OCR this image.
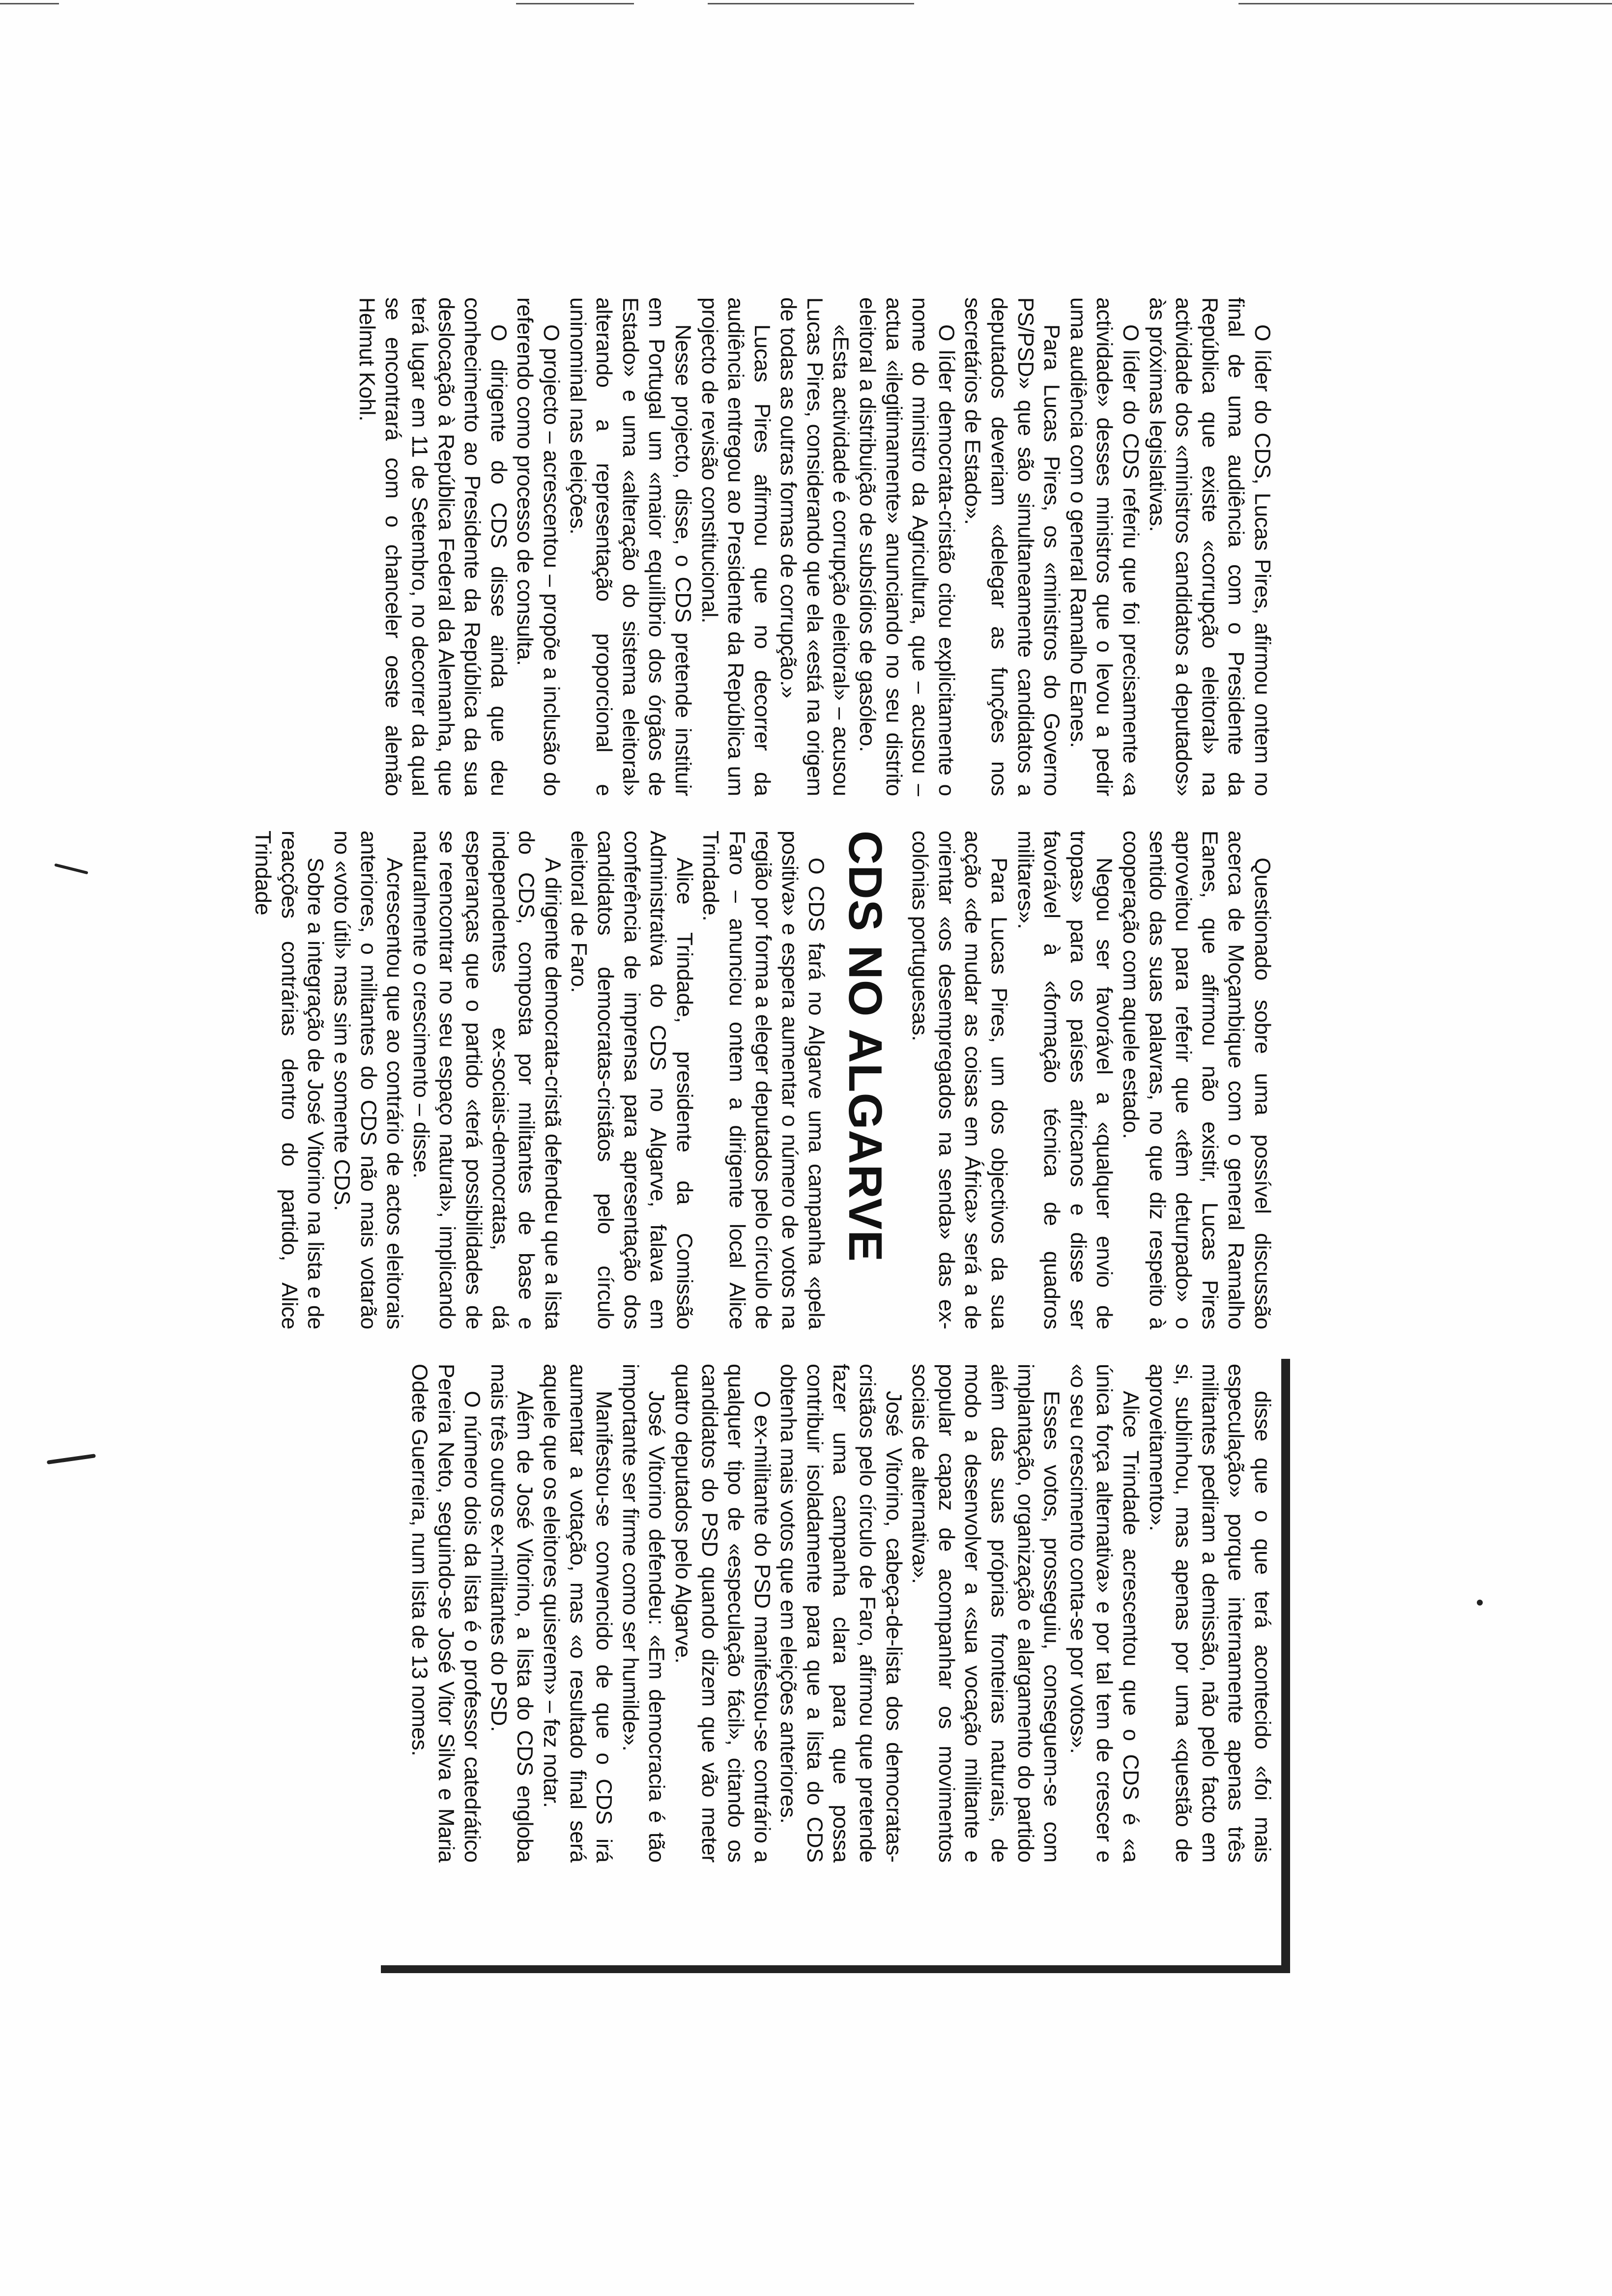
O líder do CDS, Lucas Pires, afirmou ontem no final de uma audiência com o Presidente da República que existe «corrupção eleitoral» na actividade dos «ministros candidatos a deputados» às próximas legislativas.

O líder do CDS referiu que foi precisamente «a actividade» desses ministros que o levou a pedir uma audiência com o general Ramalho Eanes.

Para Lucas Pires, os «ministros do Governo PS/PSD» que são simultaneamente candidatos a deputados deveriam «delegar as funções nos secretários de Estado».

O líder democrata-cristão citou explicitamente o nome do ministro da Agricultura, que – acusou – actua «ilegitimamente» anunciando no seu distrito eleitoral a distribuição de subsídios de gasóleo.

«Esta actividade é corrupção eleitoral» – acusou Lucas Pires, considerando que ela «está na origem de todas as outras formas de corrupção.»

Lucas Pires afirmou que no decorrer da audiência entregou ao Presidente da República um projecto de revisão constitucional.

Nesse projecto, disse, o CDS pretende instituir em Portugal um «maior equilíbrio dos órgãos de Estado» e uma «alteração do sistema eleitoral» alterando a representação proporcional e uninominal nas eleições.

O projecto – acrescentou – propõe a inclusão do referendo como processo de consulta.

O dirigente do CDS disse ainda que deu conhecimento ao Presidente da República da sua deslocação à República Federal da Alemanha, que terá lugar em 11 de Setembro, no decorrer da qual se encontrará com o chanceler oeste alemão Helmut Kohl.

Questionado sobre uma possível discussão acerca de Moçambique com o general Ramalho Eanes, que afirmou não existir, Lucas Pires aproveitou para referir que «têm deturpado» o sentido das suas palavras, no que diz respeito à cooperação com aquele estado.

Negou ser favorável a «qualquer envio de tropas» para os países africanos e disse ser favorável à «formação técnica de quadros militares».

Para Lucas Pires, um dos objectivos da sua acção «de mudar as coisas em África» será a de orientar «os desempregados na senda» das ex-colónias portuguesas.

CDS NO ALGARVE

O CDS fará no Algarve uma campanha «pela positiva» e espera aumentar o número de votos na região por forma a eleger deputados pelo círculo de Faro – anunciou ontem a dirigente local Alice Trindade.

Alice Trindade, presidente da Comissão Administrativa do CDS no Algarve, falava em conferência de imprensa para apresentação dos candidatos democratas-cristãos pelo círculo eleitoral de Faro.

A dirigente democrata-cristã defendeu que a lista do CDS, composta por militantes de base e independentes ex-sociais-democratas, dá esperanças que o partido «terá possibilidades de se reencontrar no seu espaço natural», implicando naturalmente o crescimento – disse.

Acrescentou que ao contrário de actos eleitorais anteriores, o militantes do CDS não mais votarão no «voto útil» mas sim e somente CDS.

Sobre a integração de José Vitorino na lista e de reacções contrárias dentro do partido, Alice Trindade

disse que o que terá acontecido «foi mais especulação» porque internamente apenas três militantes pediram a demissão, não pelo facto em si, sublinhou, mas apenas por uma «questão de aproveitamento».

Alice Trindade acrescentou que o CDS é «a única força alternativa» e por tal tem de crescer e «o seu crescimento conta-se por votos».

Esses votos, prosseguiu, conseguem-se com implantação, organização e alargamento do partido além das suas próprias fronteiras naturais, de modo a desenvolver a «sua vocação militante e popular capaz de acompanhar os movimentos sociais de alternativa».

José Vitorino, cabeça-de-lista dos democratas-cristãos pelo círculo de Faro, afirmou que pretende fazer uma campanha clara para que possa contribuir isoladamente para que a lista do CDS obtenha mais votos que em eleições anteriores.

O ex-militante do PSD manifestou-se contrário a qualquer tipo de «especulação fácil», citando os candidatos do PSD quando dizem que vão meter quatro deputados pelo Algarve.

José Vitorino defendeu: «Em democracia é tão importante ser firme como ser humilde».

Manifestou-se convencido de que o CDS irá aumentar a votação, mas «o resultado final será aquele que os eleitores quiserem» – fez notar.

Além de José Vitorino, a lista do CDS engloba mais três outros ex-militantes do PSD.

O número dois da lista é o professor catedrático Pereira Neto, seguindo-se José Vitor Silva e Maria Odete Guerreira, num lista de 13 nomes.
